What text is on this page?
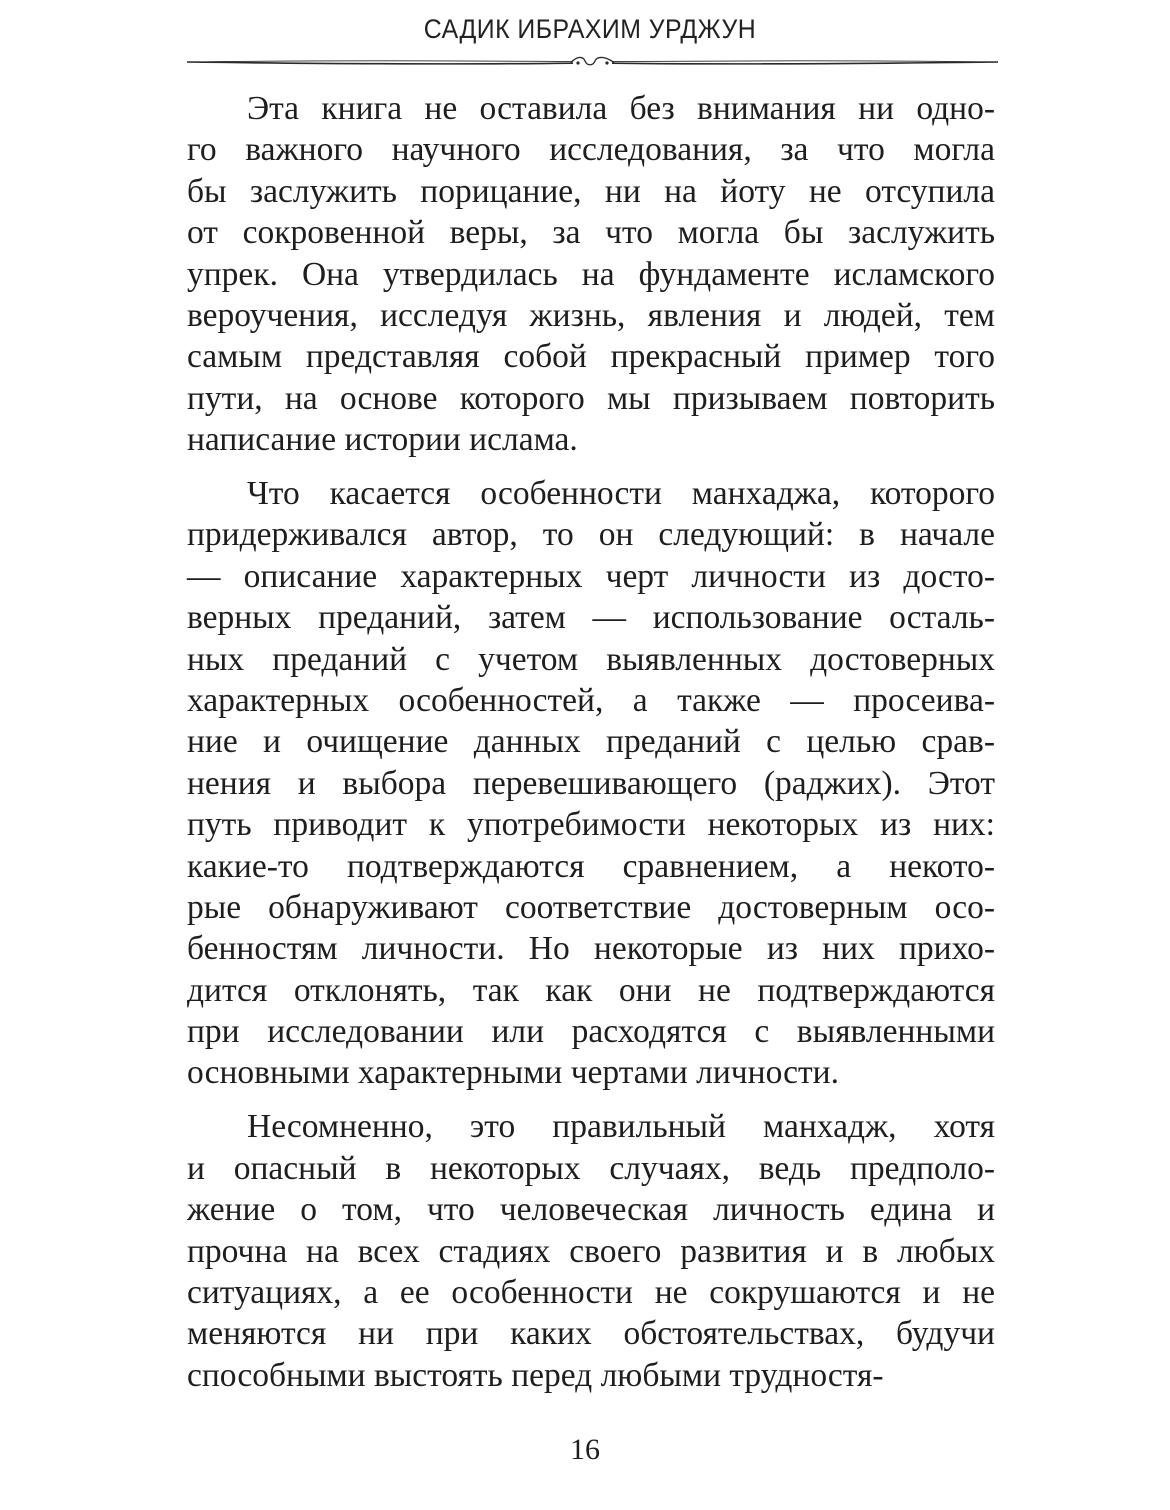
САДИК ИБРАХИМ УРДЖУН
Эта книга не оставила без внимания ни одно-
го важного научного исследования, за что могла
бы заслужить порицание, ни на йоту не отсупила
от сокровенной веры, за что могла бы заслужить
упрек. Она утвердилась на фундаменте исламского
вероучения, исследуя жизнь, явления и людей, тем
самым представляя собой прекрасный пример того
пути, на основе которого мы призываем повторить
написание истории ислама.
Что касается особенности манхаджа, которого
придерживался автор, то он следующий: в начале
— описание характерных черт личности из досто-
верных преданий, затем — использование осталь-
ных преданий с учетом выявленных достоверных
характерных особенностей, а также — просеива-
ние и очищение данных преданий с целью срав-
нения и выбора перевешивающего (раджих). Этот
путь приводит к употребимости некоторых из них:
какие-то подтверждаются сравнением, а некото-
рые обнаруживают соответствие достоверным осо-
бенностям личности. Но некоторые из них прихо-
дится отклонять, так как они не подтверждаются
при исследовании или расходятся с выявленными
основными характерными чертами личности.
Несомненно, это правильный манхадж, хотя
и опасный в некоторых случаях, ведь предполо-
жение о том, что человеческая личность едина и
прочна на всех стадиях своего развития и в любых
ситуациях, а ее особенности не сокрушаются и не
меняются ни при каких обстоятельствах, будучи
способными выстоять перед любыми трудностя-
16
